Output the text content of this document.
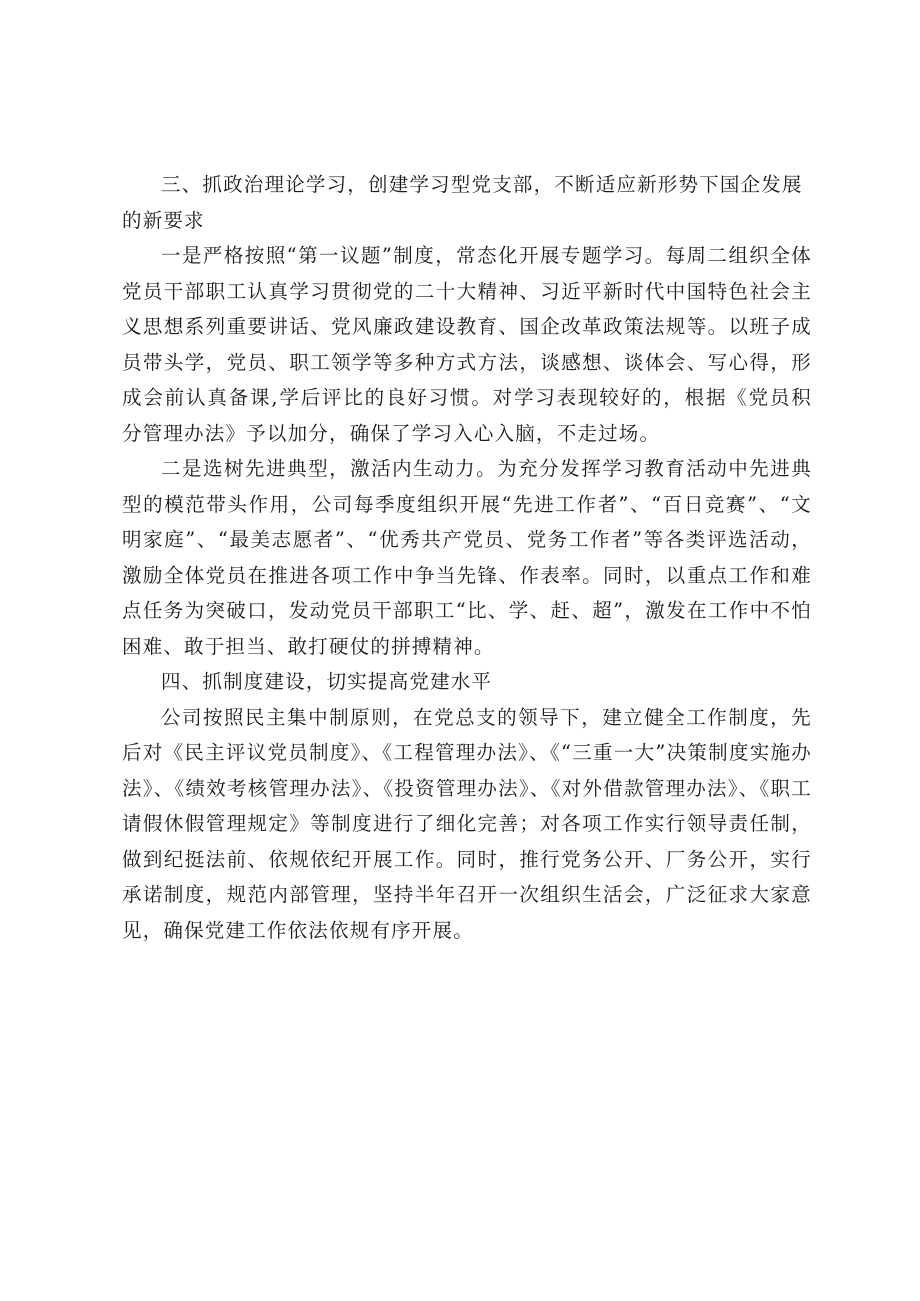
三、抓政治理论学习，创建学习型党支部，不断适应新形势下国企发展的新要求

一是严格按照“第一议题”制度，常态化开展专题学习。每周二组织全体党员干部职工认真学习贯彻党的二十大精神、习近平新时代中国特色社会主义思想系列重要讲话、党风廉政建设教育、国企改革政策法规等。以班子成员带头学，党员、职工领学等多种方式方法，谈感想、谈体会、写心得，形成会前认真备课,学后评比的良好习惯。对学习表现较好的，根据《党员积分管理办法》予以加分，确保了学习入心入脑，不走过场。

二是选树先进典型，激活内生动力。为充分发挥学习教育活动中先进典型的模范带头作用，公司每季度组织开展“先进工作者”、“百日竞赛”、“文明家庭”、“最美志愿者”、“优秀共产党员、党务工作者”等各类评选活动，激励全体党员在推进各项工作中争当先锋、作表率。同时，以重点工作和难点任务为突破口，发动党员干部职工“比、学、赶、超”，激发在工作中不怕困难、敢于担当、敢打硬仗的拼搏精神。

四、抓制度建设，切实提高党建水平

公司按照民主集中制原则，在党总支的领导下，建立健全工作制度，先后对《民主评议党员制度》、《工程管理办法》、《“三重一大”决策制度实施办法》、《绩效考核管理办法》、《投资管理办法》、《对外借款管理办法》、《职工请假休假管理规定》等制度进行了细化完善；对各项工作实行领导责任制，做到纪挺法前、依规依纪开展工作。同时，推行党务公开、厂务公开，实行承诺制度，规范内部管理，坚持半年召开一次组织生活会，广泛征求大家意见，确保党建工作依法依规有序开展。
